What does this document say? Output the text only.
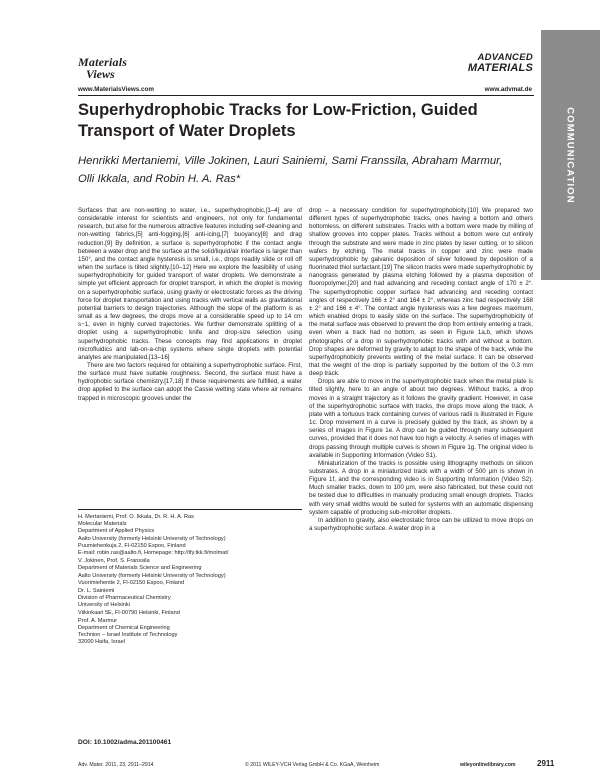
Materials
Views
www.MaterialsViews.com
ADVANCED
MATERIALS
www.advmat.de
COMMUNICATION
Superhydrophobic Tracks for Low-Friction, Guided
Transport of Water Droplets
Henrikki Mertaniemi, Ville Jokinen, Lauri Sainiemi, Sami Franssila, Abraham Marmur,
Olli Ikkala, and Robin H. A. Ras*

Surfaces that are non-wetting to water, i.e., superhydrophobic,[1–4] are of considerable interest for scientists and engineers, not only for fundamental research, but also for the numerous attractive features including self-cleaning and non-wetting fabrics,[5] anti-fogging,[6] anti-icing,[7] buoyancy[8] and drag reduction.[9] By definition, a surface is superhydrophobic if the contact angle between a water drop and the surface at the solid/liquid/air interface is larger than 150°, and the contact angle hysteresis is small, i.e., drops readily slide or roll off when the surface is tilted slightly.[10–12] Here we explore the feasibility of using superhydrophobicity for guided transport of water droplets. We demonstrate a simple yet efficient approach for droplet transport, in which the droplet is moving on a superhydrophobic surface, using gravity or electrostatic forces as the driving force for droplet transportation and using tracks with vertical walls as gravitational potential barriers to design trajectories. Although the slope of the platform is as small as a few degrees, the drops move at a considerable speed up to 14 cm s−1, even in highly curved trajectories. We further demonstrate splitting of a droplet using a superhydrophobic knife and drop-size selection using superhydrophobic tracks. These concepts may find applications in droplet microfluidics and lab-on-a-chip systems where single droplets with potential analytes are manipulated.[13–16]

There are two factors required for obtaining a superhydrophobic surface. First, the surface must have suitable roughness. Second, the surface must have a hydrophobic surface chemistry.[17,18] If these requirements are fulfilled, a water drop applied to the surface can adopt the Cassie wetting state where air remains trapped in microscopic grooves under the

drop – a necessary condition for superhydrophobicity.[10] We prepared two different types of superhydrophobic tracks, ones having a bottom and others bottomless, on different substrates. Tracks with a bottom were made by milling of shallow grooves into copper plates. Tracks without a bottom were cut entirely through the substrate and were made in zinc plates by laser cutting, or to silicon wafers by etching. The metal tracks in copper and zinc were made superhydrophobic by galvanic deposition of silver followed by deposition of a fluorinated thiol surfactant.[19] The silicon tracks were made superhydrophobic by nanograss generated by plasma etching followed by a plasma deposition of fluoropolymer,[20] and had advancing and receding contact angle of 170 ± 2°. The superhydrophobic copper surface had advancing and receding contact angles of respectively 166 ± 2° and 164 ± 2°, whereas zinc had respectively 168 ± 2° and 166 ± 4°. The contact angle hysteresis was a few degrees maximum, which enabled drops to easily slide on the surface. The superhydrophobicity of the metal surface was observed to prevent the drop from entirely entering a track, even when a track had no bottom, as seen in Figure 1a,b, which shows photographs of a drop in superhydrophobic tracks with and without a bottom. Drop shapes are deformed by gravity to adapt to the shape of the track, while the superhydrophobicity prevents wetting of the metal surface. It can be observed that the weight of the drop is partially supported by the bottom of the 0.3 mm deep track.

Drops are able to move in the superhydrophobic track when the metal plate is tilted slightly, here to an angle of about two degrees. Without tracks, a drop moves in a straight trajectory as it follows the gravity gradient. However, in case of the superhydrophobic surface with tracks, the drops move along the track. A plate with a tortuous track containing curves of various radii is illustrated in Figure 1c. Drop movement in a curve is precisely guided by the track, as shown by a series of images in Figure 1e. A drop can be guided through many subsequent curves, provided that it does not have too high a velocity. A series of images with drops passing through multiple curves is shown in Figure 1g. The original video is available in Supporting Information (Video S1).

Miniaturization of the tracks is possible using lithography methods on silicon substrates. A drop in a miniaturized track with a width of 500 μm is shown in Figure 1f, and the corresponding video is in Supporting Information (Video S2). Much smaller tracks, down to 100 μm, were also fabricated, but these could not be tested due to difficulties in manually producing small enough droplets. Tracks with very small widths would be suited for systems with an automatic dispensing system capable of producing sub-microliter droplets.

In addition to gravity, also electrostatic force can be utilized to move drops on a superhydrophobic surface. A water drop in a

H. Mertaniemi, Prof. O. Ikkala, Dr. R. H. A. Ras
Molecular Materials
Department of Applied Physics
Aalto University (formerly Helsinki University of Technology)
Puumiehenkuja 2, FI-02150 Espoo, Finland
E-mail: robin.ras@aalto.fi, Homepage: http://tfy.tkk.fi/molmat/
V. Jokinen, Prof. S. Franssila
Department of Materials Science and Engineering
Aalto University (formerly Helsinki University of Technology)
Vuorimiehentie 2, FI-02150 Espoo, Finland
Dr. L. Sainiemi
Division of Pharmaceutical Chemistry
University of Helsinki
Viikinkaari 5E, FI-00790 Helsinki, Finland
Prof. A. Marmur
Department of Chemical Engineering
Technion – Israel Institute of Technology
32000 Haifa, Israel
DOI: 10.1002/adma.201100461
Adv. Mater. 2011, 23, 2911–2914	© 2011 WILEY-VCH Verlag GmbH & Co. KGaA, Weinheim	wileyonlinelibrary.com	2911
